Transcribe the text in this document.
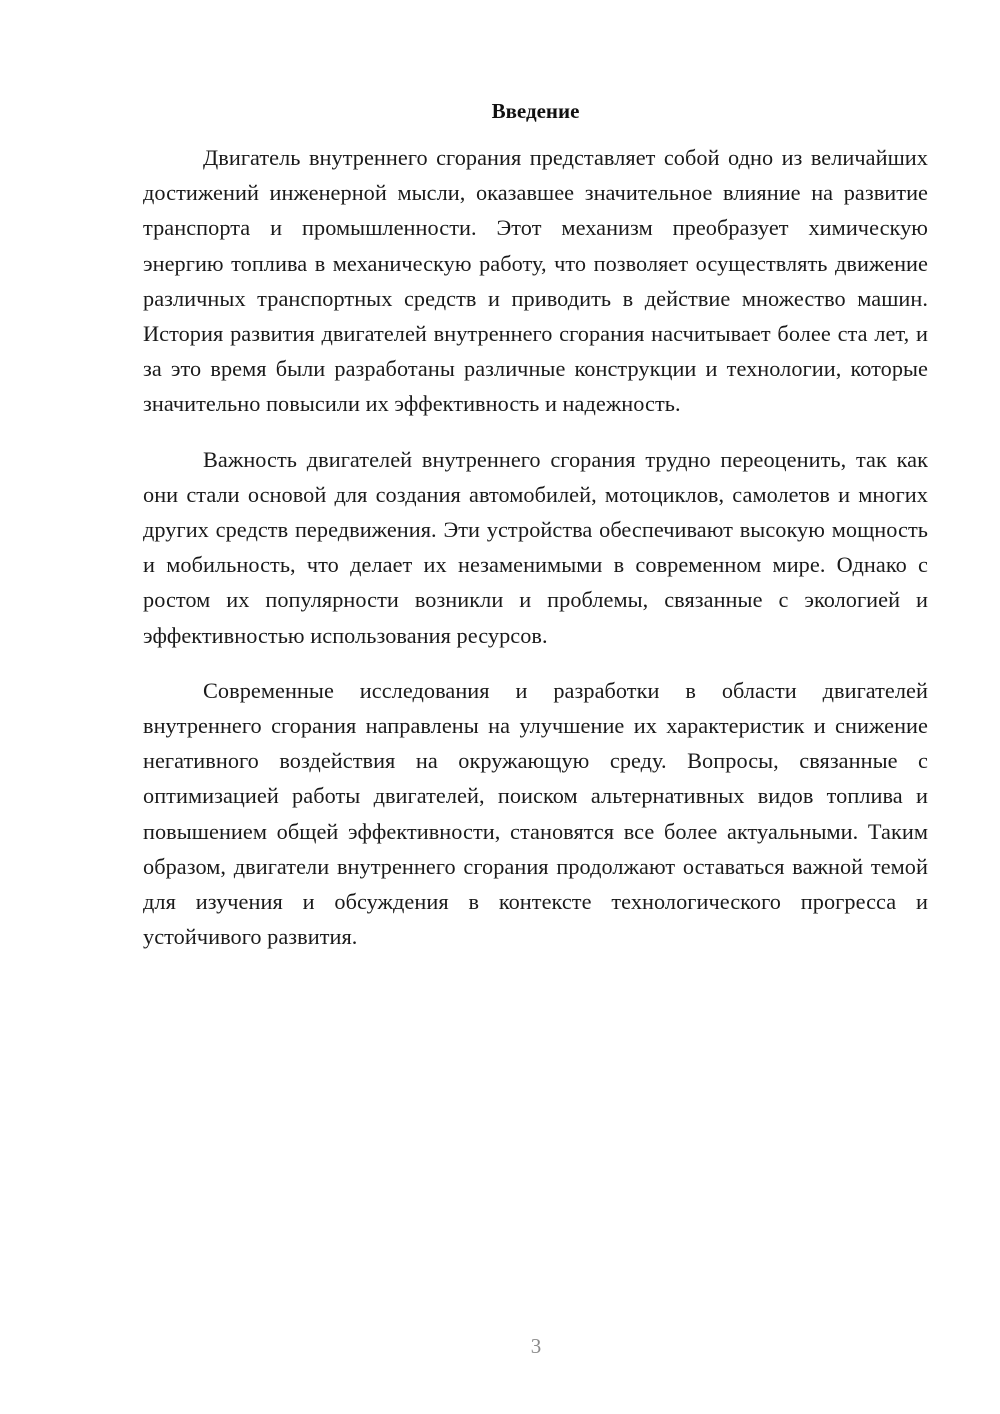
Введение

Двигатель внутреннего сгорания представляет собой одно из величайших достижений инженерной мысли, оказавшее значительное влияние на развитие транспорта и промышленности. Этот механизм преобразует химическую энергию топлива в механическую работу, что позволяет осуществлять движение различных транспортных средств и приводить в действие множество машин. История развития двигателей внутреннего сгорания насчитывает более ста лет, и за это время были разработаны различные конструкции и технологии, которые значительно повысили их эффективность и надежность.

Важность двигателей внутреннего сгорания трудно переоценить, так как они стали основой для создания автомобилей, мотоциклов, самолетов и многих других средств передвижения. Эти устройства обеспечивают высокую мощность и мобильность, что делает их незаменимыми в современном мире. Однако с ростом их популярности возникли и проблемы, связанные с экологией и эффективностью использования ресурсов.

Современные исследования и разработки в области двигателей внутреннего сгорания направлены на улучшение их характеристик и снижение негативного воздействия на окружающую среду. Вопросы, связанные с оптимизацией работы двигателей, поиском альтернативных видов топлива и повышением общей эффективности, становятся все более актуальными. Таким образом, двигатели внутреннего сгорания продолжают оставаться важной темой для изучения и обсуждения в контексте технологического прогресса и устойчивого развития.

3
